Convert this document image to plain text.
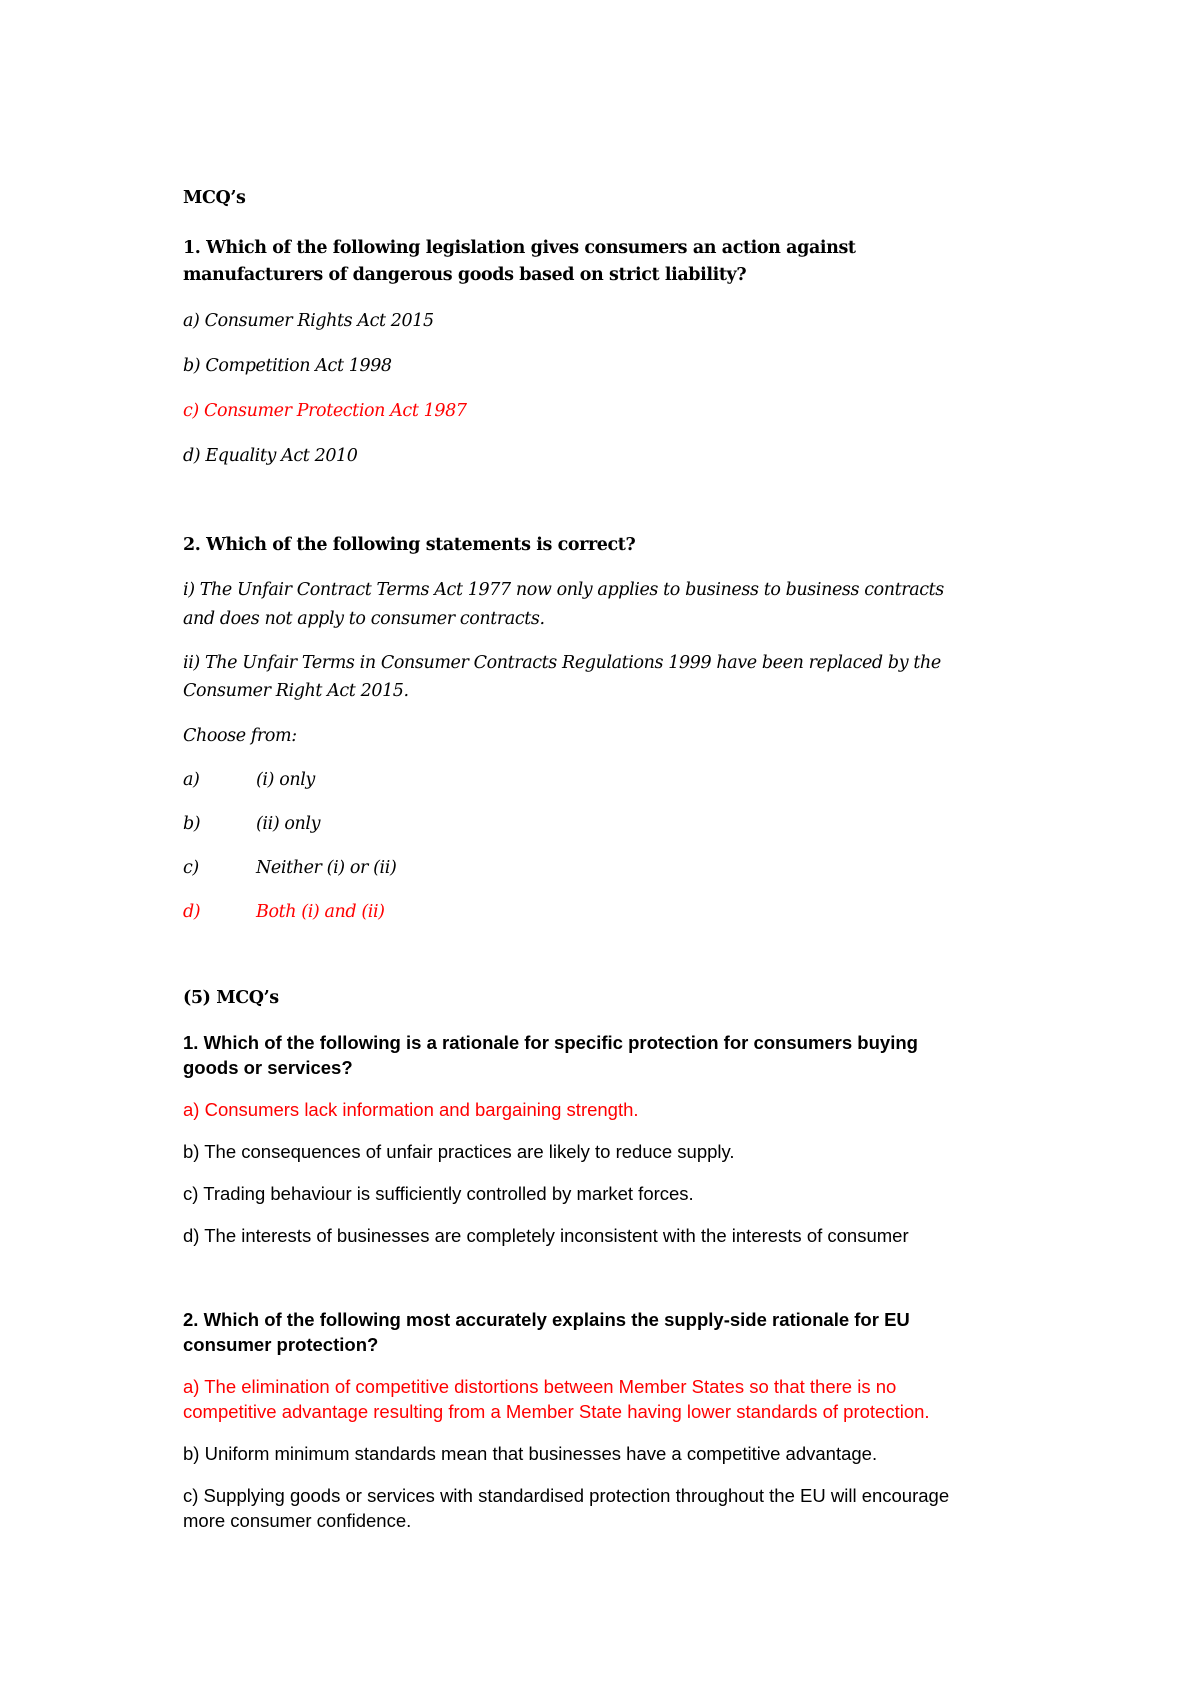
MCQ’s
1. Which of the following legislation gives consumers an action against
manufacturers of dangerous goods based on strict liability?
a) Consumer Rights Act 2015
b) Competition Act 1998
c) Consumer Protection Act 1987
d) Equality Act 2010
2. Which of the following statements is correct?
i) The Unfair Contract Terms Act 1977 now only applies to business to business contracts
and does not apply to consumer contracts.
ii) The Unfair Terms in Consumer Contracts Regulations 1999 have been replaced by the
Consumer Right Act 2015.
Choose from:
a)	(i) only
b)	(ii) only
c)	Neither (i) or (ii)
d)	Both (i) and (ii)
(5) MCQ’s
1. Which of the following is a rationale for specific protection for consumers buying
goods or services?
a) Consumers lack information and bargaining strength.
b) The consequences of unfair practices are likely to reduce supply.
c) Trading behaviour is sufficiently controlled by market forces.
d) The interests of businesses are completely inconsistent with the interests of consumer
2. Which of the following most accurately explains the supply-side rationale for EU
consumer protection?
a) The elimination of competitive distortions between Member States so that there is no
competitive advantage resulting from a Member State having lower standards of protection.
b) Uniform minimum standards mean that businesses have a competitive advantage.
c) Supplying goods or services with standardised protection throughout the EU will encourage
more consumer confidence.
